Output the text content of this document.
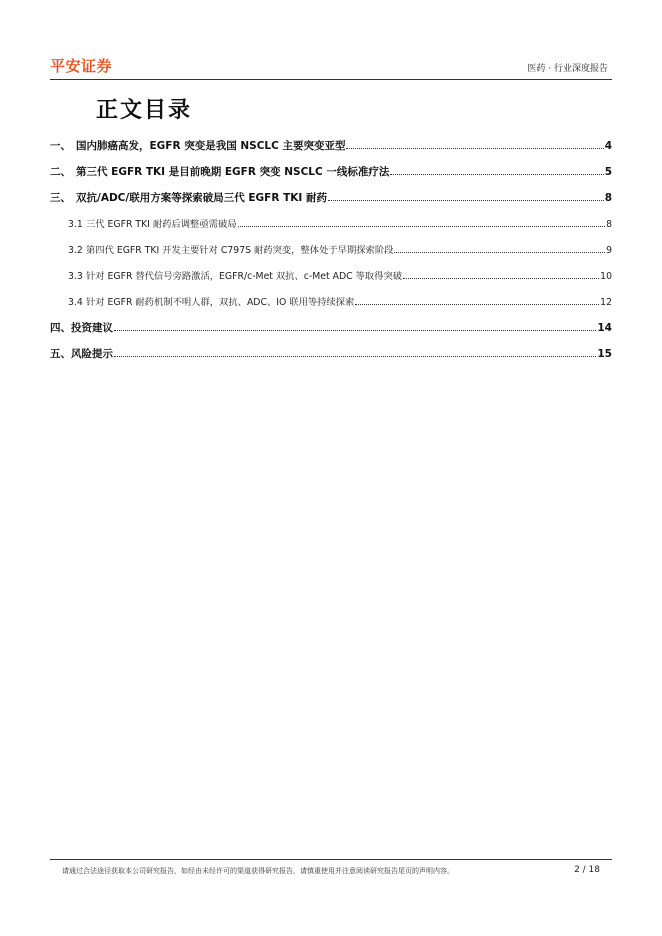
平安证券	医药 · 行业深度报告
正文目录
一、 国内肺癌高发，EGFR 突变是我国 NSCLC 主要突变亚型	4
二、 第三代 EGFR TKI 是目前晚期 EGFR 突变 NSCLC 一线标准疗法	5
三、 双抗/ADC/联用方案等探索破局三代 EGFR TKI 耐药	8
3.1 三代 EGFR TKI 耐药后调整亟需破局	8
3.2 第四代 EGFR TKI 开发主要针对 C797S 耐药突变，整体处于早期探索阶段	9
3.3 针对 EGFR 替代信号旁路激活，EGFR/c-Met 双抗、c-Met ADC 等取得突破	10
3.4 针对 EGFR 耐药机制不明人群，双抗、ADC、IO 联用等持续探索	12
四、投资建议	14
五、风险提示	15
请通过合法途径获取本公司研究报告，如经由未经许可的渠道获得研究报告，请慎重使用并注意阅读研究报告尾页的声明内容。	2 / 18
